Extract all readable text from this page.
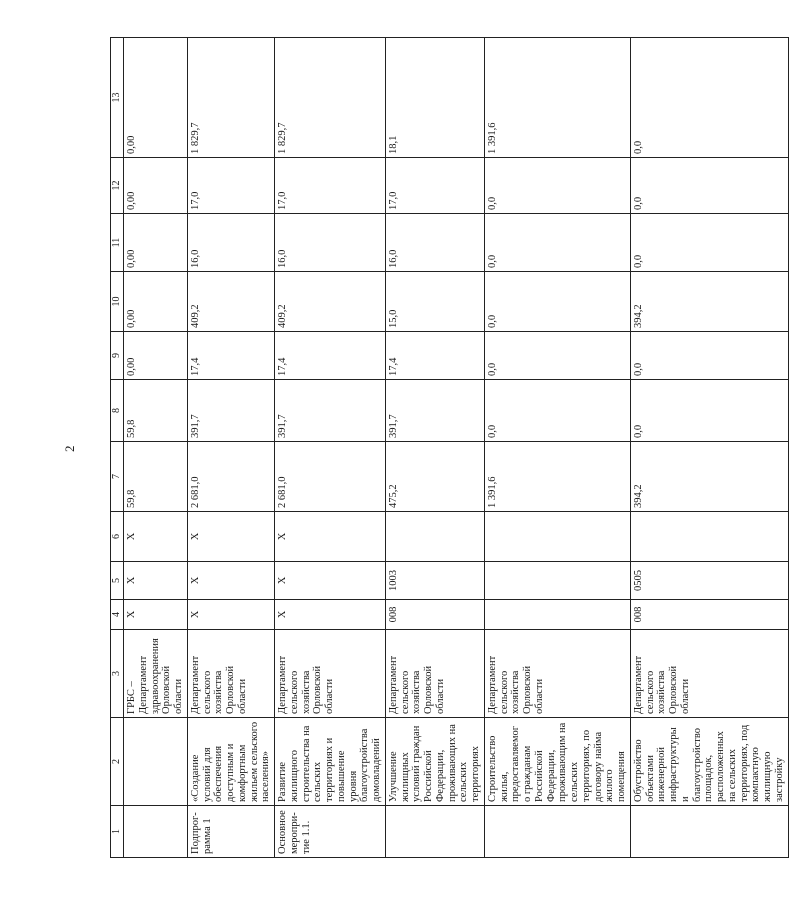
2
1	2	3	4	5	6	7	8	9	10	11	12	13
		ГРБС – Департамент здравоохранения Орловской области	Х	Х	Х	59,8	59,8	0,00	0,00	0,00	0,00	0,00
Подпрог-рамма 1	«Создание условий для обеспечения доступным и комфортным жильем сельского населения»	Департамент сельского хозяйства Орловской области	Х	Х	Х	2 681,0	391,7	17,4	409,2	16,0	17,0	1 829,7
Основное меропри-тие 1.1.	Развитие жилищного строительства на сельских территориях и повышение уровня благоустройства домовладений	Департамент сельского хозяйства Орловской области	Х	Х	Х	2 681,0	391,7	17,4	409,2	16,0	17,0	1 829,7
	Улучшение жилищных условий граждан Российской Федерации, проживающих на сельских территориях	Департамент сельского хозяйства Орловской области	008	1003		475,2	391,7	17,4	15,0	16,0	17,0	18,1
	Строительство жилья, предоставляемого гражданам Российской Федерации, проживающим на сельских территориях, по договору найма жилого помещения	Департамент сельского хозяйства Орловской области				1 391,6	0,0	0,0	0,0	0,0	0,0	1 391,6
	Обустройство объектами инженерной инфраструктуры и благоустройство площадок, расположенных на сельских территориях, под компактную жилищную застройку	Департамент сельского хозяйства Орловской области	008	0505		394,2	0,0	0,0	394,2	0,0	0,0	0,0
